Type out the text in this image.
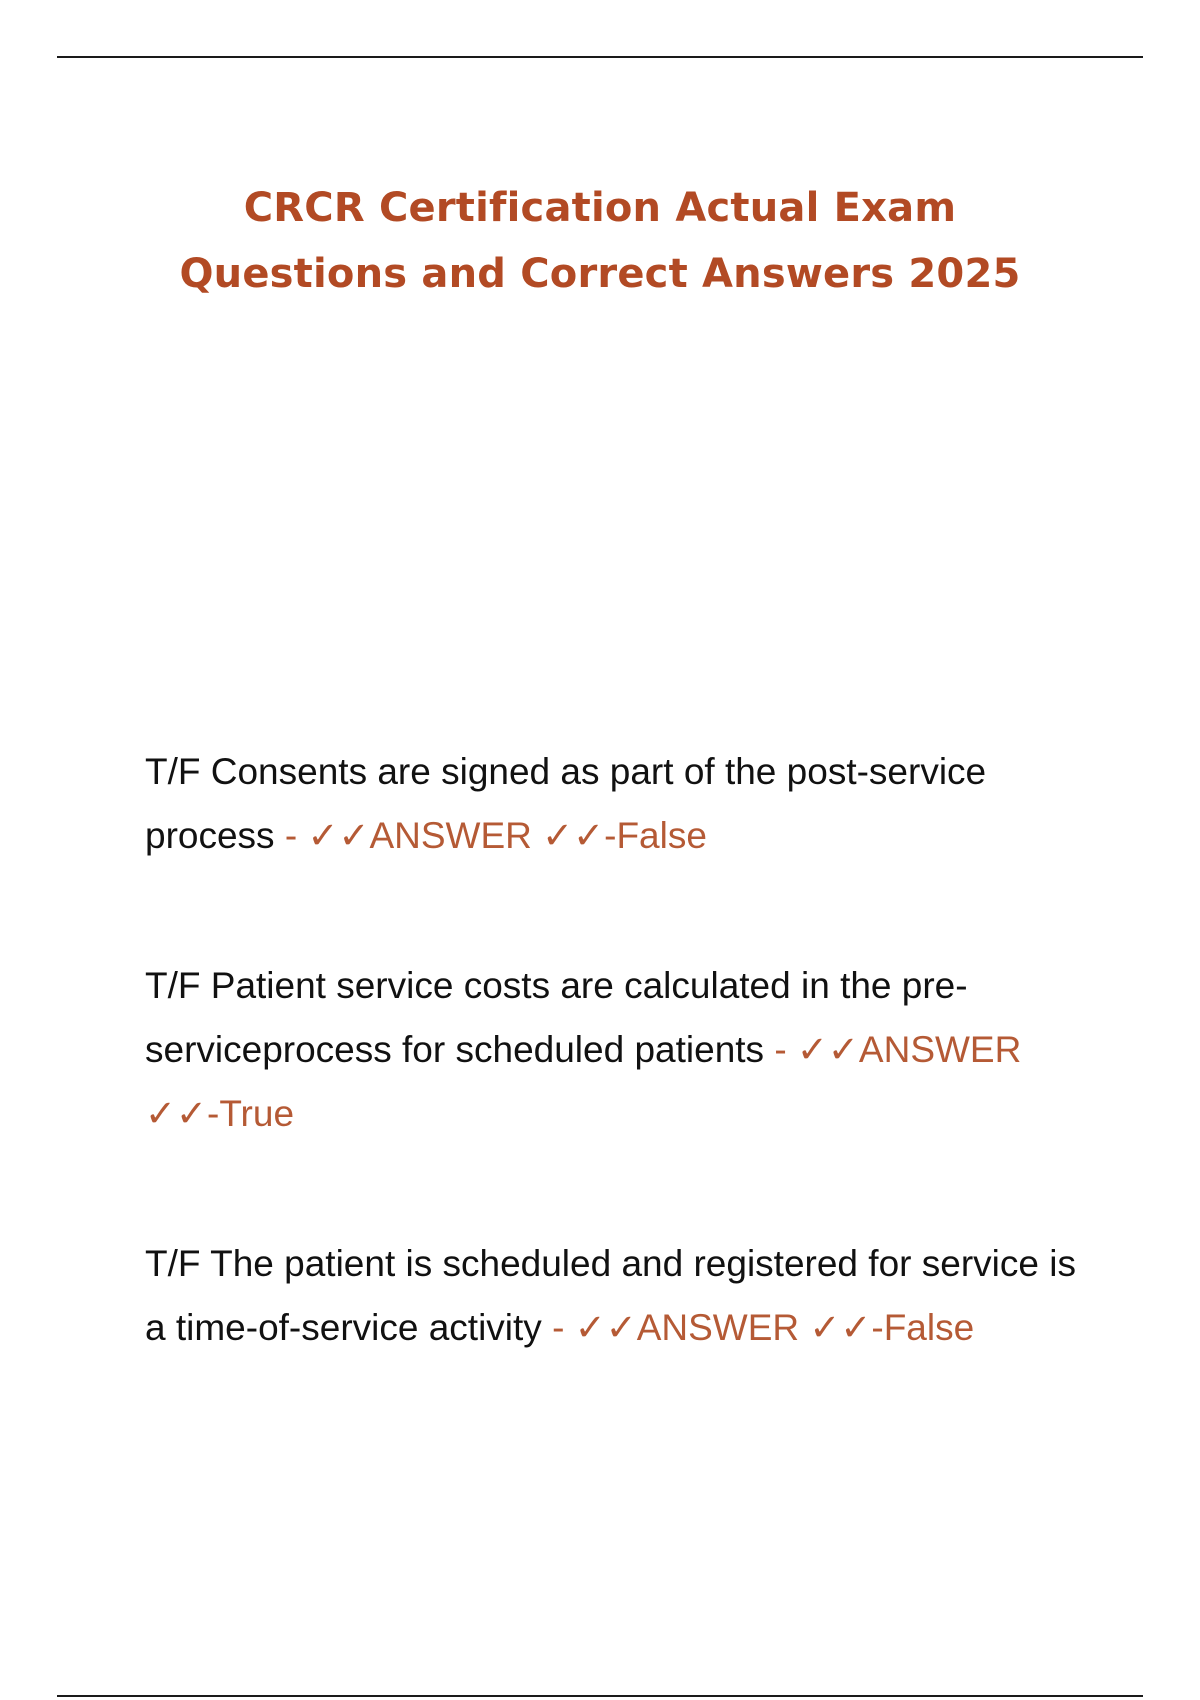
CRCR Certification Actual Exam
Questions and Correct Answers 2025

T/F Consents are signed as part of the post-service process - ✓✓ANSWER ✓✓-False

T/F Patient service costs are calculated in the pre-serviceprocess for scheduled patients - ✓✓ANSWER ✓✓-True

T/F The patient is scheduled and registered for service is a time-of-service activity - ✓✓ANSWER ✓✓-False
